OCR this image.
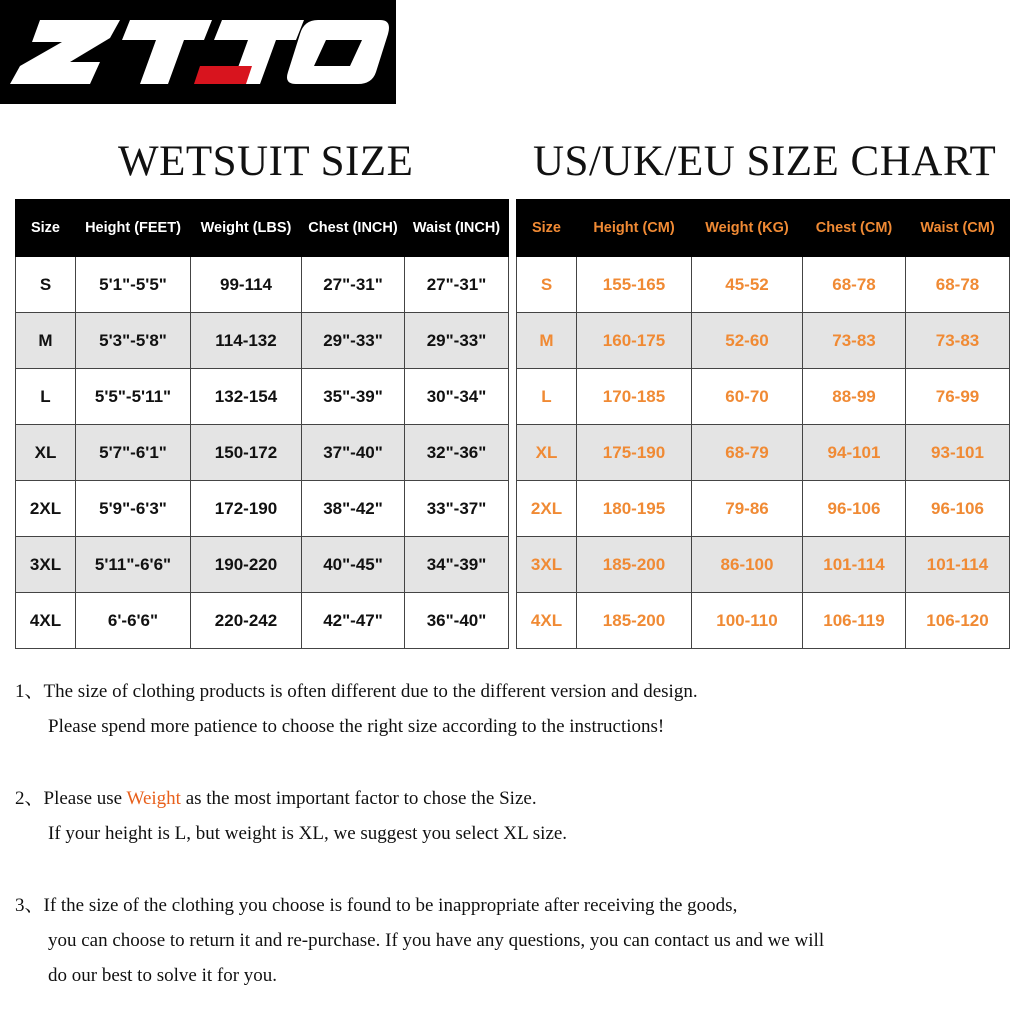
WETSUIT SIZE	US/UK/EU SIZE CHART
Size	Height (FEET)	Weight (LBS)	Chest (INCH)	Waist (INCH)
S	5'1"-5'5"	99-114	27"-31"	27"-31"
M	5'3"-5'8"	114-132	29"-33"	29"-33"
L	5'5"-5'11"	132-154	35"-39"	30"-34"
XL	5'7"-6'1"	150-172	37"-40"	32"-36"
2XL	5'9"-6'3"	172-190	38"-42"	33"-37"
3XL	5'11"-6'6"	190-220	40"-45"	34"-39"
4XL	6'-6'6"	220-242	42"-47"	36"-40"
Size	Height (CM)	Weight (KG)	Chest (CM)	Waist (CM)
S	155-165	45-52	68-78	68-78
M	160-175	52-60	73-83	73-83
L	170-185	60-70	88-99	76-99
XL	175-190	68-79	94-101	93-101
2XL	180-195	79-86	96-106	96-106
3XL	185-200	86-100	101-114	101-114
4XL	185-200	100-110	106-119	106-120

1、The size of clothing products is often different due to the different version and design.

Please spend more patience to choose the right size according to the instructions!

2、Please use Weight as the most important factor to chose the Size.

If your height is L, but weight is XL, we suggest you select XL size.

3、If the size of the clothing you choose is found to be inappropriate after receiving the goods,

you can choose to return it and re-purchase. If you have any questions, you can contact us and we will

do our best to solve it for you.
